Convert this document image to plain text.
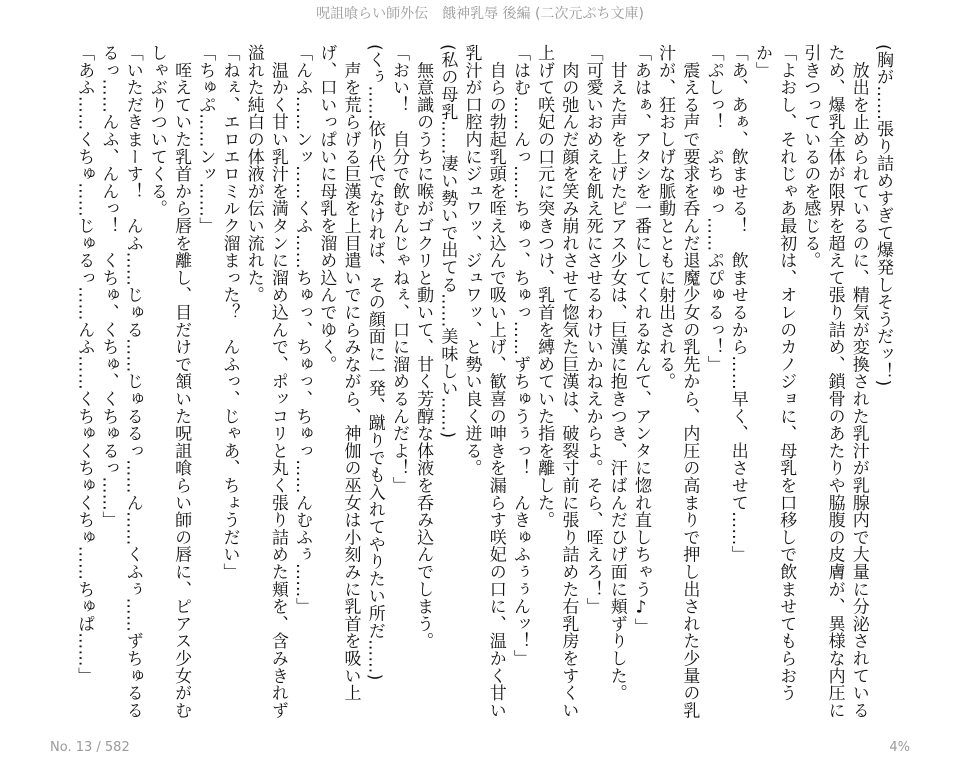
呪詛喰らい師外伝　餓神乳辱 後編 (二次元ぷち文庫)

(胸が……張り詰めすぎて爆発しそうだッ！)

　放出を止められているのに、精気が変換された乳汁が乳腺内で大量に分泌されているため、爆乳全体が限界を超えて張り詰め、鎖骨のあたりや脇腹の皮膚が、異様な内圧に引きつっているのを感じる。

「よおし、それじゃあ最初は、オレのカノジョに、母乳を口移しで飲ませてもらおうか」

「あ、あぁ、飲ませる！　飲ませるから……早く、出させて……」

「ぷしっ！　ぷちゅっ……ぷぴゅるっ！」

　震える声で要求を呑んだ退魔少女の乳先から、内圧の高まりで押し出された少量の乳汁が、狂おしげな脈動とともに射出される。

「あはぁ、アタシを一番にしてくれるなんて、アンタに惚れ直しちゃう♪」

　甘えた声を上げたピアス少女は、巨漢に抱きつき、汗ばんだひげ面に頬ずりした。

「可愛いおめえを飢え死にさせるわけいかねえからよ。そら、咥えろ！」

　肉の弛んだ顔を笑み崩れさせて惚気た巨漢は、破裂寸前に張り詰めた右乳房をすくい上げて咲妃の口元に突きつけ、乳首を縛めていた指を離した。

「はむ……んっ……ちゅっ、ちゅっ……ずちゅうぅっ！　んきゅふぅぅんッ！」

　自らの勃起乳頭を咥え込んで吸い上げ、歓喜の呻きを漏らす咲妃の口に、温かく甘い乳汁が口腔内にジュワッ、ジュワッ、と勢い良く迸る。

(私の母乳……凄い勢いで出てる……美味しい……)

　無意識のうちに喉がゴクリと動いて、甘く芳醇な体液を呑み込んでしまう。

「おい！　自分で飲むんじゃねぇ、口に溜めるんだよ！」

(くぅ……依り代でなければ、その顔面に一発、蹴りでも入れてやりたい所だ……)

　声を荒らげる巨漢を上目遣いでにらみながら、神伽の巫女は小刻みに乳首を吸い上げ、口いっぱいに母乳を溜め込んでゆく。

「んふ……ンッ……くふ……ちゅっ、ちゅっ、ちゅっ……んむふぅ……」

　温かく甘い乳汁を満タンに溜め込んで、ポッコリと丸く張り詰めた頬を、含みきれず溢れた純白の体液が伝い流れた。

「ねぇ、エロエロミルク溜まった？　んふっ、じゃあ、ちょうだい」

「ちゅぷ……ンッ……」

　咥えていた乳首から唇を離し、目だけで頷いた呪詛喰らい師の唇に、ピアス少女がむしゃぶりついてくる。

「いただきまーす！　んふ……じゅる……じゅるるっ……ん……くふぅ……ずちゅるるるっ……んふ、んんっ！　くちゅ、くちゅ、くちゅるっ……」

「あふ……くちゅ……じゅるっ……んふ……くちゅくちゅくちゅ……ちゅぱ……」

No. 13 / 582	4%
